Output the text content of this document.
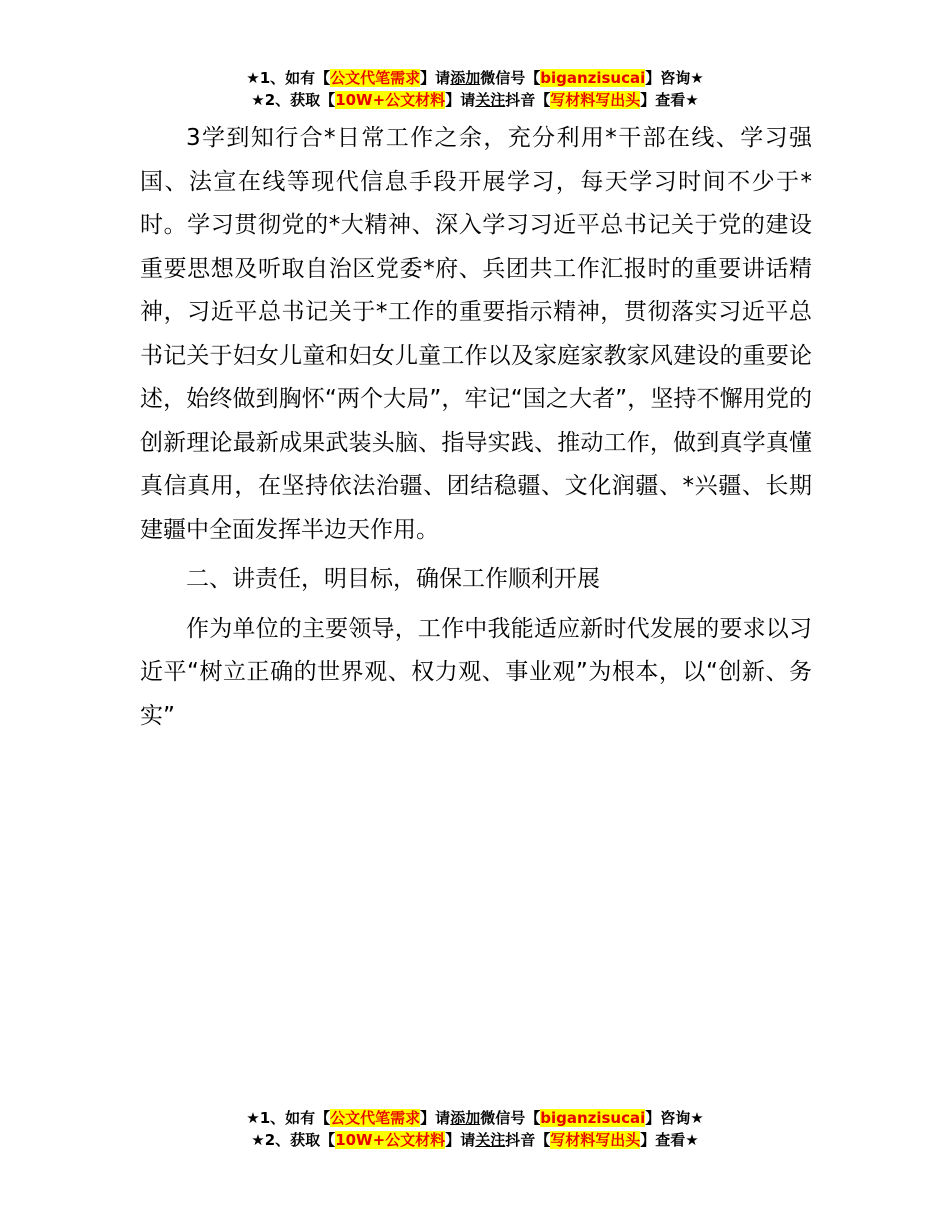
★1、如有【公文代笔需求】请添加微信号【biganzisucai】咨询★
★2、获取【10W+公文材料】请关注抖音【写材料写出头】查看★

3学到知行合*日常工作之余，充分利用*干部在线、学习强国、法宣在线等现代信息手段开展学习，每天学习时间不少于*时。学习贯彻党的*大精神、深入学习习近平总书记关于党的建设重要思想及听取自治区党委*府、兵团共工作汇报时的重要讲话精神，习近平总书记关于*工作的重要指示精神，贯彻落实习近平总书记关于妇女儿童和妇女儿童工作以及家庭家教家风建设的重要论述，始终做到胸怀“两个大局”，牢记“国之大者”，坚持不懈用党的创新理论最新成果武装头脑、指导实践、推动工作，做到真学真懂真信真用，在坚持依法治疆、团结稳疆、文化润疆、*兴疆、长期建疆中全面发挥半边天作用。

二、讲责任，明目标，确保工作顺利开展

作为单位的主要领导，工作中我能适应新时代发展的要求以习近平“树立正确的世界观、权力观、事业观”为根本，以“创新、务实”

★1、如有【公文代笔需求】请添加微信号【biganzisucai】咨询★
★2、获取【10W+公文材料】请关注抖音【写材料写出头】查看★
